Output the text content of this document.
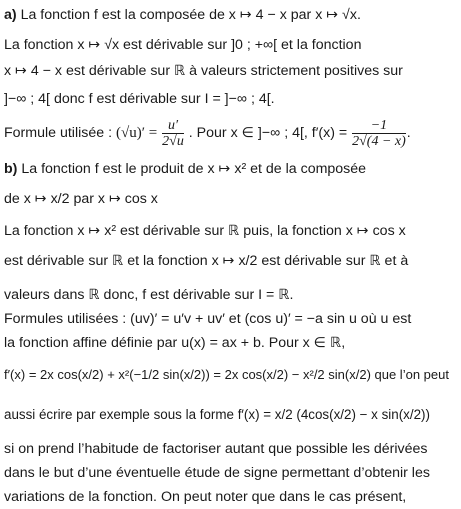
a) La fonction f est la composée de x ↦ 4 − x par x ↦ √x.
La fonction x ↦ √x est dérivable sur ]0 ; +∞[ et la fonction
x ↦ 4 − x est dérivable sur ℝ à valeurs strictement positives sur
]−∞ ; 4[ donc f est dérivable sur I = ]−∞ ; 4[.
Formule utilisée : $(√u)' = \frac{u'}{2√u}$ . Pour x ∈ ]−∞ ; 4[, $f'(x) = \frac{-1}{2√(4 - x)}$ .
b) La fonction f est le produit de x ↦ x² et de la composée
de x ↦ x/2 par x ↦ cos x
La fonction x ↦ x² est dérivable sur ℝ puis, la fonction x ↦ cos x
est dérivable sur ℝ et la fonction x ↦ x/2 est dérivable sur ℝ et à
valeurs dans ℝ donc, f est dérivable sur I = ℝ.
Formules utilisées : (uv)′ = u′v + uv′ et (cos u)′ = −a sin u où u est
la fonction affine définie par u(x) = ax + b. Pour x ∈ ℝ,
f′(x) = 2x cos(x/2) + x²(−1/2 sin(x/2)) = 2x cos(x/2) − x²/2 sin(x/2) que l’on peut
aussi écrire par exemple sous la forme f′(x) = x/2 (4cos(x/2) − x sin(x/2))
si on prend l’habitude de factoriser autant que possible les dérivées
dans le but d’une éventuelle étude de signe permettant d’obtenir les
variations de la fonction. On peut noter que dans le cas présent,
